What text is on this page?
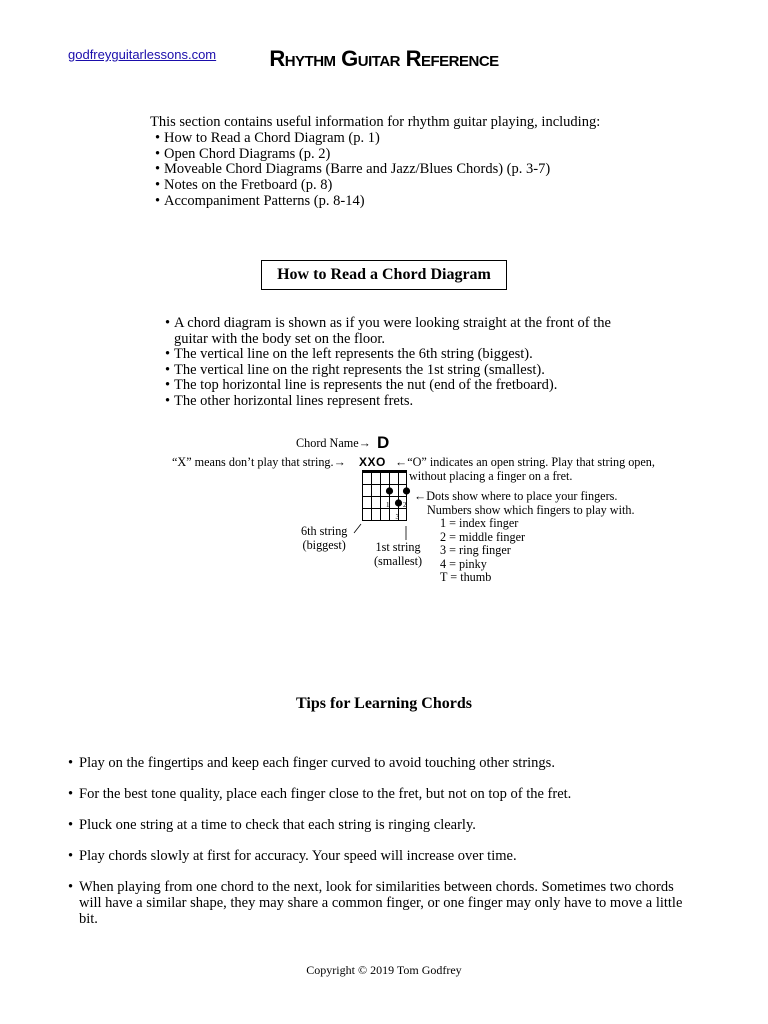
godfreyguitarlessons.com	Rhythm Guitar Reference
This section contains useful information for rhythm guitar playing, including:
• How to Read a Chord Diagram (p. 1)
• Open Chord Diagrams (p. 2)
• Moveable Chord Diagrams (Barre and Jazz/Blues Chords) (p. 3-7)
• Notes on the Fretboard (p. 8)
• Accompaniment Patterns (p. 8-14)
How to Read a Chord Diagram
• A chord diagram is shown as if you were looking straight at the front of the guitar with the body set on the floor.
• The vertical line on the left represents the 6th string (biggest).
• The vertical line on the right represents the 1st string (smallest).
• The top horizontal line is represents the nut (end of the fretboard).
• The other horizontal lines represent frets.
Chord Name→ D
“X” means don’t play that string.→ XXO ←“O” indicates an open string. Play that string open,
without placing a finger on a fret.
1 2
3
←Dots show where to place your fingers.
Numbers show which fingers to play with.
1 = index finger
2 = middle finger
3 = ring finger
4 = pinky
T = thumb
6th string
(biggest) 1st string
(smallest)
Tips for Learning Chords
• Play on the fingertips and keep each finger curved to avoid touching other strings.
• For the best tone quality, place each finger close to the fret, but not on top of the fret.
• Pluck one string at a time to check that each string is ringing clearly.
• Play chords slowly at first for accuracy. Your speed will increase over time.
• When playing from one chord to the next, look for similarities between chords. Sometimes two chords will have a similar shape, they may share a common finger, or one finger may only have to move a little bit.
Copyright © 2019 Tom Godfrey
